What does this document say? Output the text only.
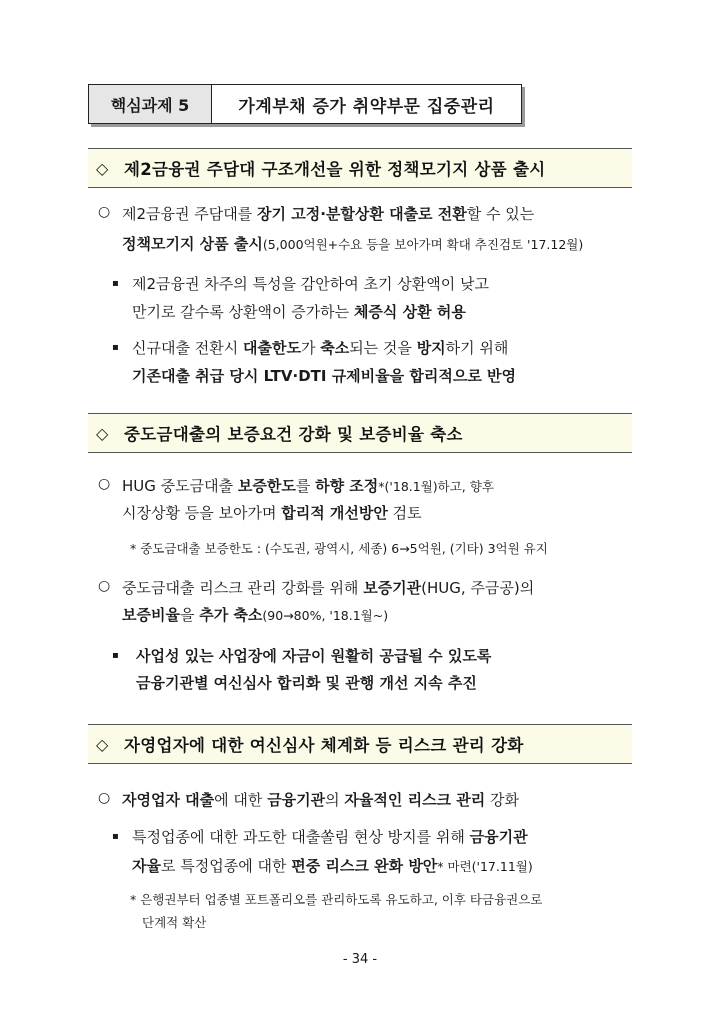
핵심과제 5	가계부채 증가 취약부문 집중관리
◇ 제2금융권 주담대 구조개선을 위한 정책모기지 상품 출시
○ 제2금융권 주담대를 장기 고정·분할상환 대출로 전환할 수 있는
정책모기지 상품 출시(5,000억원+수요 등을 보아가며 확대 추진검토 '17.12월)
▪ 제2금융권 차주의 특성을 감안하여 초기 상환액이 낮고
만기로 갈수록 상환액이 증가하는 체증식 상환 허용
▪ 신규대출 전환시 대출한도가 축소되는 것을 방지하기 위해
기존대출 취급 당시 LTV·DTI 규제비율을 합리적으로 반영
◇ 중도금대출의 보증요건 강화 및 보증비율 축소
○ HUG 중도금대출 보증한도를 하향 조정*('18.1월)하고, 향후
시장상황 등을 보아가며 합리적 개선방안 검토
* 중도금대출 보증한도 : (수도권, 광역시, 세종) 6→5억원, (기타) 3억원 유지
○ 중도금대출 리스크 관리 강화를 위해 보증기관(HUG, 주금공)의
보증비율을 추가 축소(90→80%, '18.1월~)
▪ 사업성 있는 사업장에 자금이 원활히 공급될 수 있도록
금융기관별 여신심사 합리화 및 관행 개선 지속 추진
◇ 자영업자에 대한 여신심사 체계화 등 리스크 관리 강화
○ 자영업자 대출에 대한 금융기관의 자율적인 리스크 관리 강화
▪ 특정업종에 대한 과도한 대출쏠림 현상 방지를 위해 금융기관
자율로 특정업종에 대한 편중 리스크 완화 방안* 마련('17.11월)
* 은행권부터 업종별 포트폴리오를 관리하도록 유도하고, 이후 타금융권으로
단계적 확산
- 34 -
